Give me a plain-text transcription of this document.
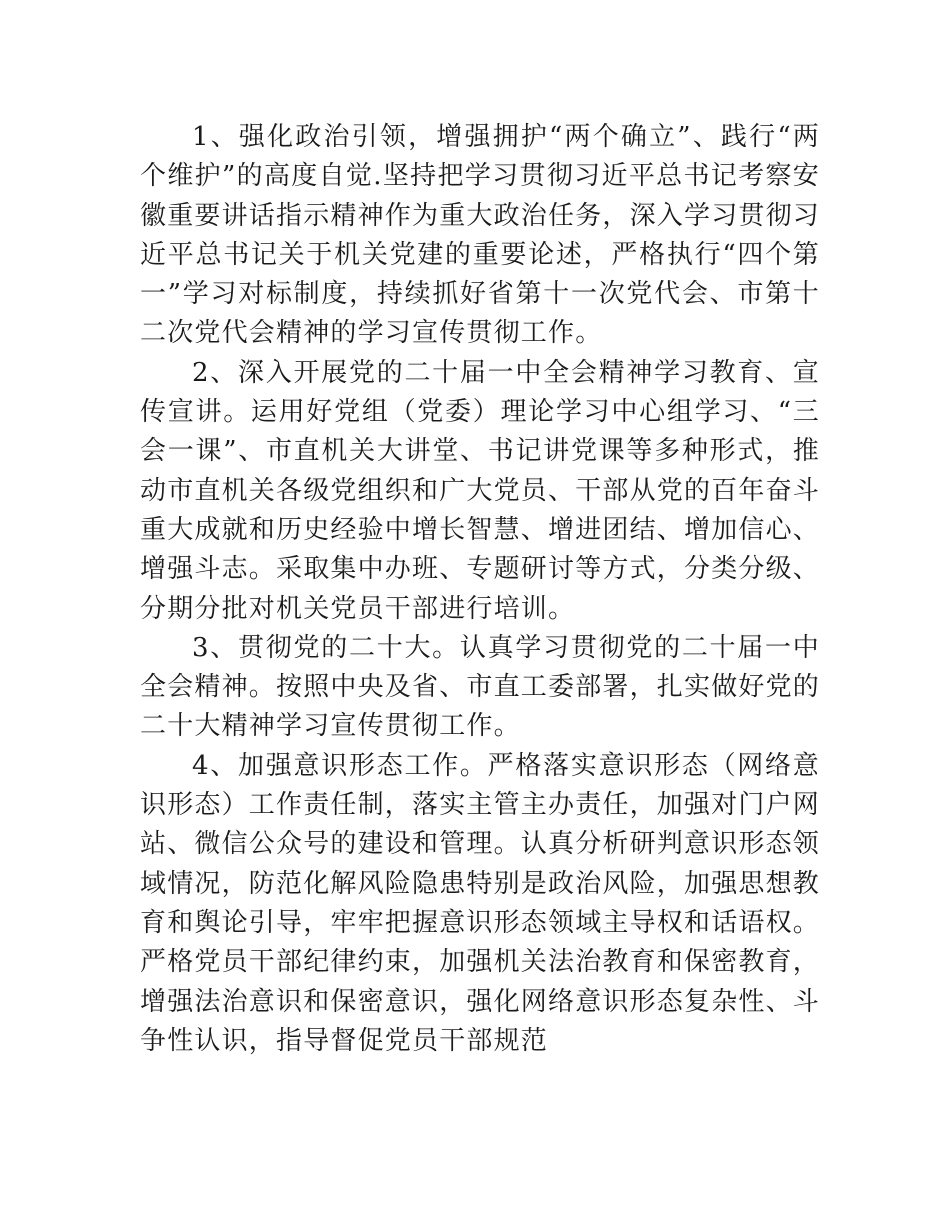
1、强化政治引领，增强拥护“两个确立”、践行“两个维护”的高度自觉.坚持把学习贯彻习近平总书记考察安徽重要讲话指示精神作为重大政治任务，深入学习贯彻习近平总书记关于机关党建的重要论述，严格执行“四个第一”学习对标制度，持续抓好省第十一次党代会、市第十二次党代会精神的学习宣传贯彻工作。

2、深入开展党的二十届一中全会精神学习教育、宣传宣讲。运用好党组（党委）理论学习中心组学习、“三会一课”、市直机关大讲堂、书记讲党课等多种形式，推动市直机关各级党组织和广大党员、干部从党的百年奋斗重大成就和历史经验中增长智慧、增进团结、增加信心、增强斗志。采取集中办班、专题研讨等方式，分类分级、分期分批对机关党员干部进行培训。

3、贯彻党的二十大。认真学习贯彻党的二十届一中全会精神。按照中央及省、市直工委部署，扎实做好党的二十大精神学习宣传贯彻工作。

4、加强意识形态工作。严格落实意识形态（网络意识形态）工作责任制，落实主管主办责任，加强对门户网站、微信公众号的建设和管理。认真分析研判意识形态领域情况，防范化解风险隐患特别是政治风险，加强思想教育和舆论引导，牢牢把握意识形态领域主导权和话语权。严格党员干部纪律约束，加强机关法治教育和保密教育，增强法治意识和保密意识，强化网络意识形态复杂性、斗争性认识，指导督促党员干部规范
